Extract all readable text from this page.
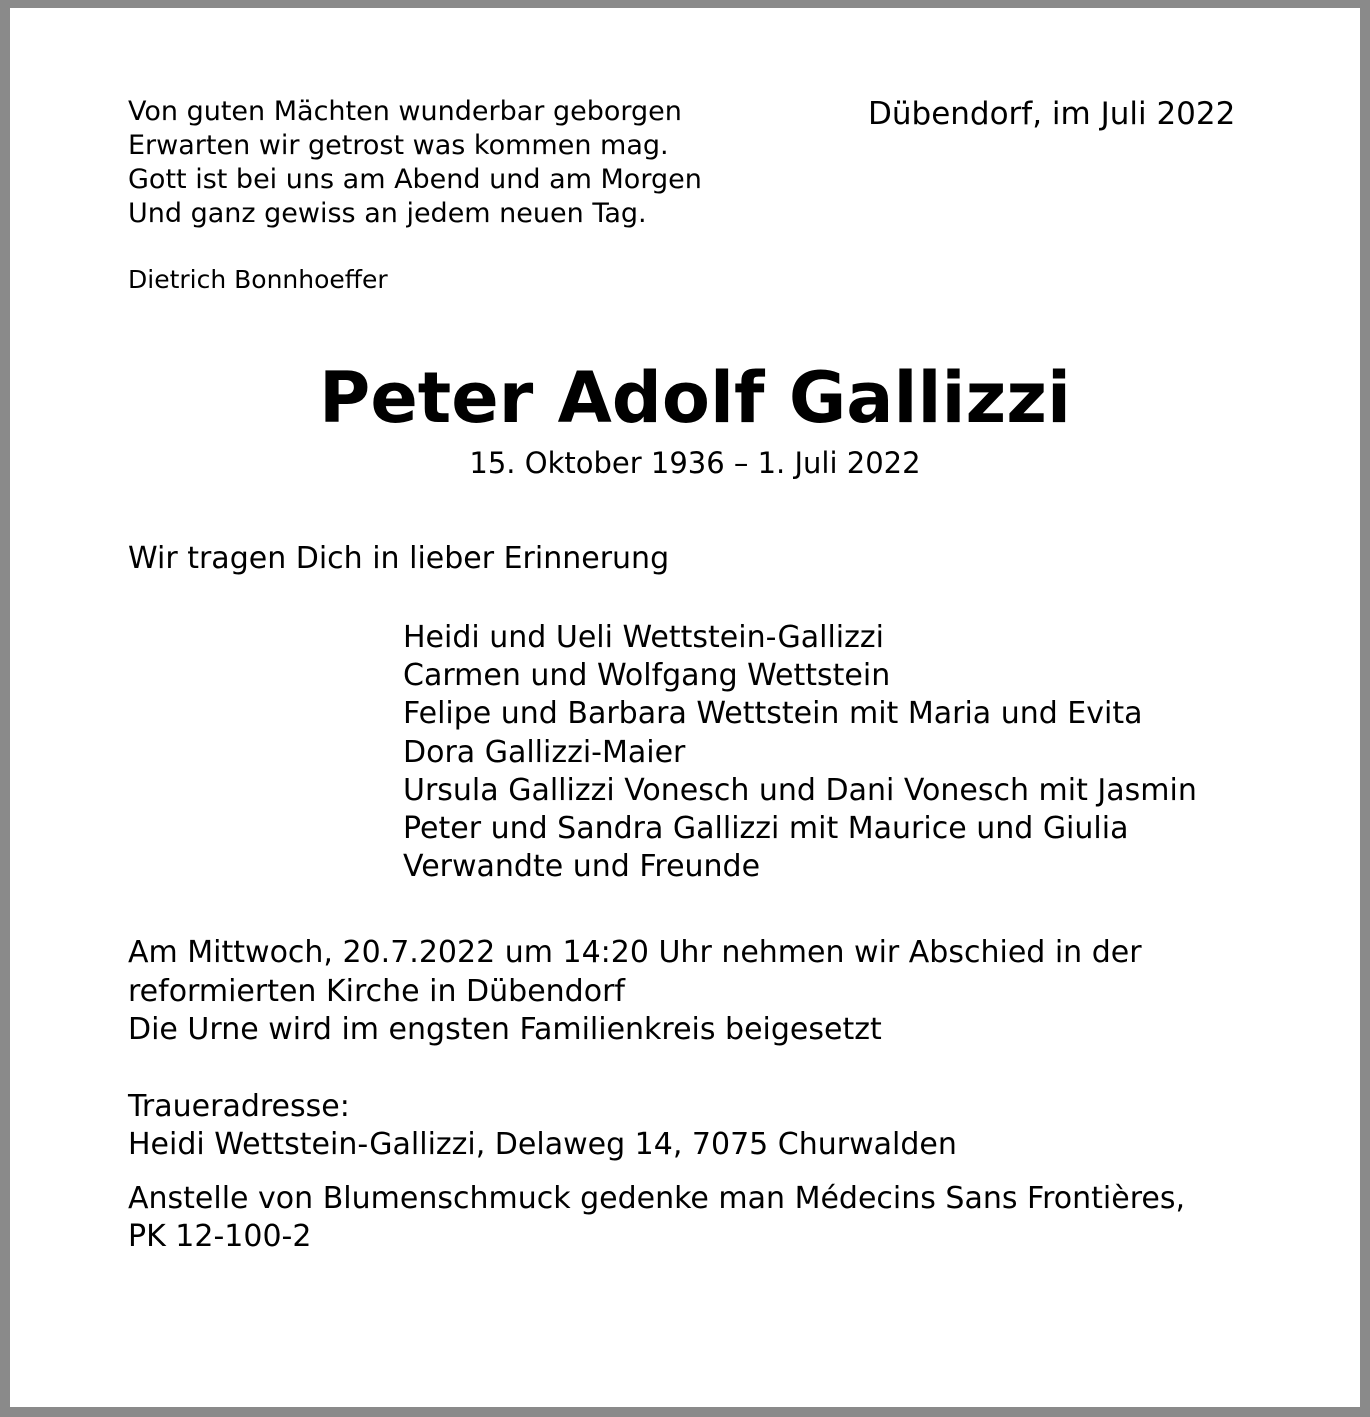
Von guten Mächten wunderbar geborgen
Erwarten wir getrost was kommen mag.
Gott ist bei uns am Abend und am Morgen
Und ganz gewiss an jedem neuen Tag.
Dietrich Bonnhoeffer
Dübendorf, im Juli 2022
Peter Adolf Gallizzi
15. Oktober 1936 – 1. Juli 2022
Wir tragen Dich in lieber Erinnerung
Heidi und Ueli Wettstein-Gallizzi
Carmen und Wolfgang Wettstein
Felipe und Barbara Wettstein mit Maria und Evita
Dora Gallizzi-Maier
Ursula Gallizzi Vonesch und Dani Vonesch mit Jasmin
Peter und Sandra Gallizzi mit Maurice und Giulia
Verwandte und Freunde
Am Mittwoch, 20.7.2022 um 14:20 Uhr nehmen wir Abschied in der
reformierten Kirche in Dübendorf
Die Urne wird im engsten Familienkreis beigesetzt
Traueradresse:
Heidi Wettstein-Gallizzi, Delaweg 14, 7075 Churwalden
Anstelle von Blumenschmuck gedenke man Médecins Sans Frontières,
PK 12-100-2
